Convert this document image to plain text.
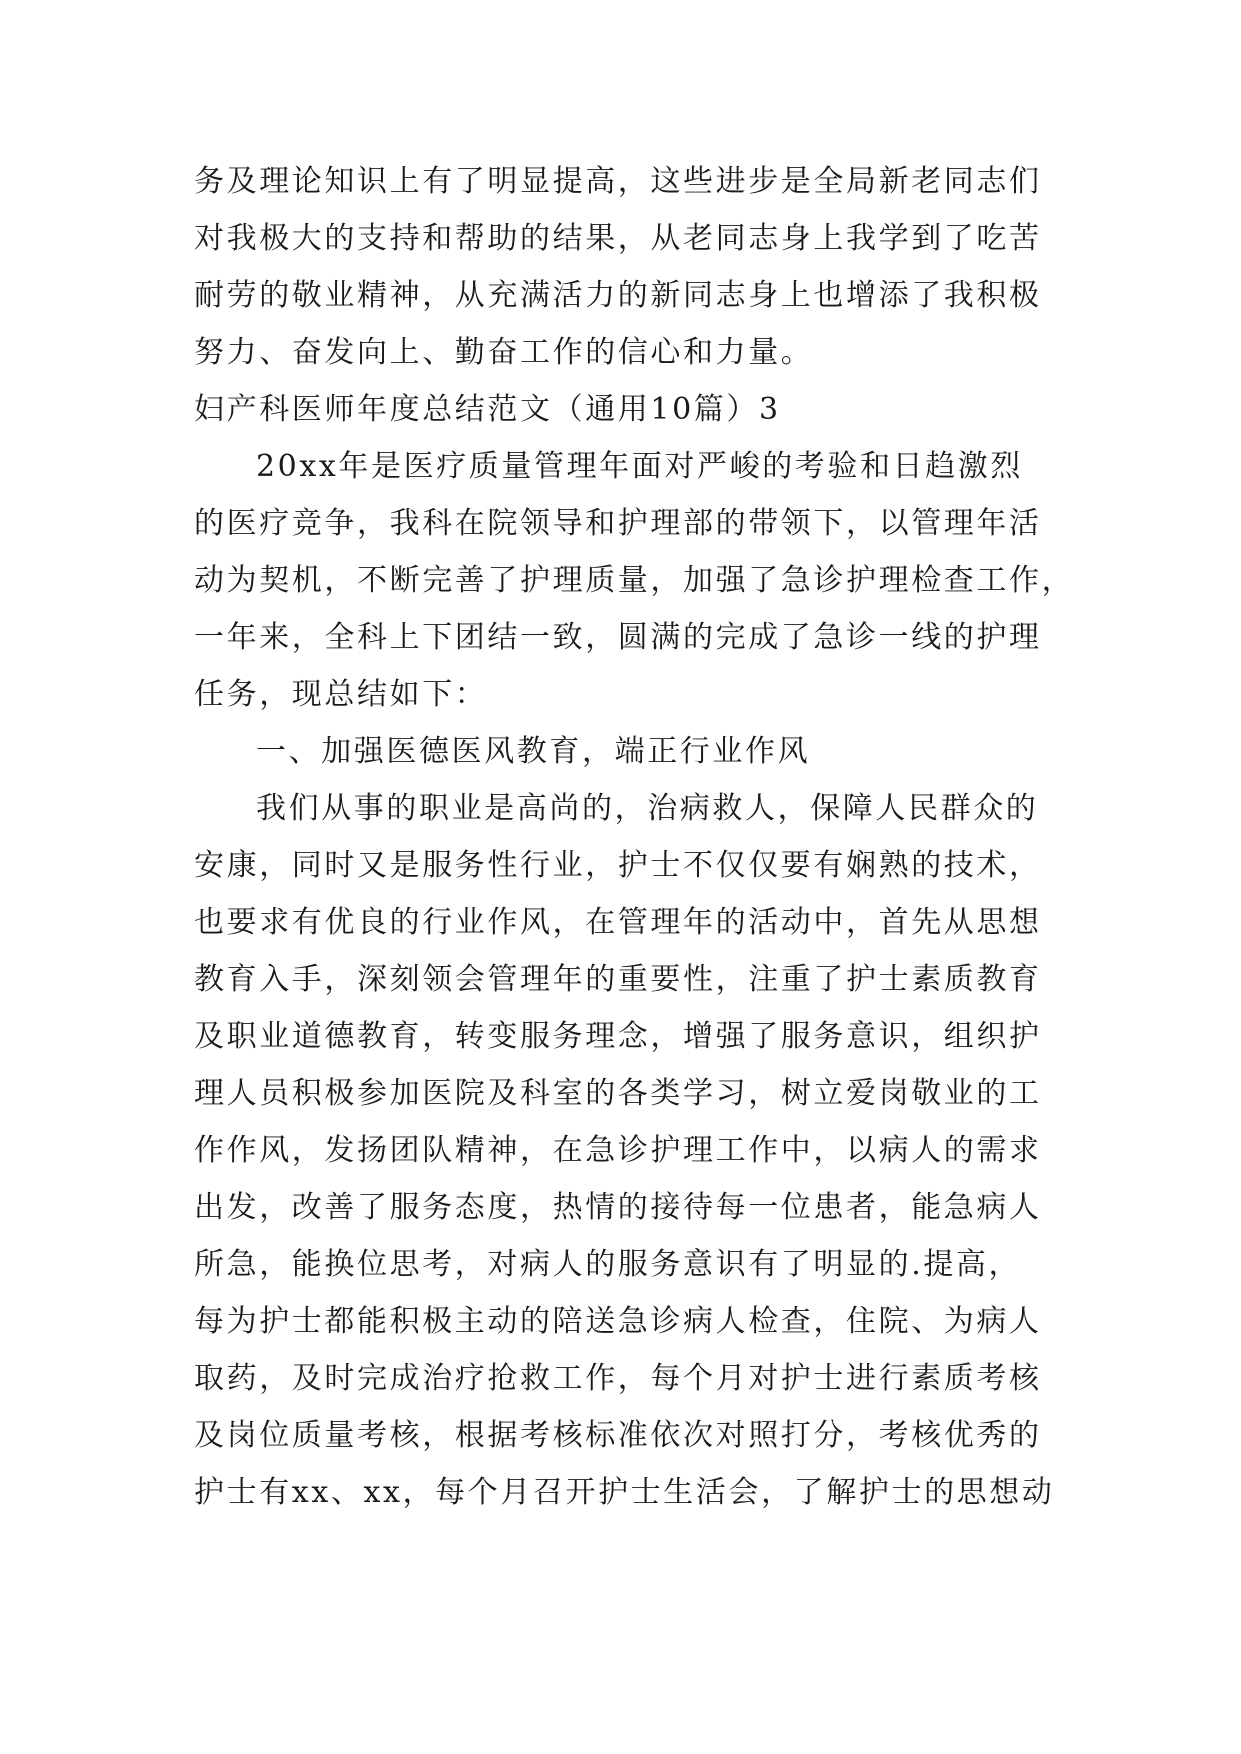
务及理论知识上有了明显提高，这些进步是全局新老同志们
对我极大的支持和帮助的结果，从老同志身上我学到了吃苦
耐劳的敬业精神，从充满活力的新同志身上也增添了我积极
努力、奋发向上、勤奋工作的信心和力量。
妇产科医师年度总结范文（通用10篇）3
20xx年是医疗质量管理年面对严峻的考验和日趋激烈
的医疗竞争，我科在院领导和护理部的带领下，以管理年活
动为契机，不断完善了护理质量，加强了急诊护理检查工作，
一年来，全科上下团结一致，圆满的完成了急诊一线的护理
任务，现总结如下：
一、加强医德医风教育，端正行业作风
我们从事的职业是高尚的，治病救人，保障人民群众的
安康，同时又是服务性行业，护士不仅仅要有娴熟的技术，
也要求有优良的行业作风，在管理年的活动中，首先从思想
教育入手，深刻领会管理年的重要性，注重了护士素质教育
及职业道德教育，转变服务理念，增强了服务意识，组织护
理人员积极参加医院及科室的各类学习，树立爱岗敬业的工
作作风，发扬团队精神，在急诊护理工作中，以病人的需求
出发，改善了服务态度，热情的接待每一位患者，能急病人
所急，能换位思考，对病人的服务意识有了明显的.提高，
每为护士都能积极主动的陪送急诊病人检查，住院、为病人
取药，及时完成治疗抢救工作，每个月对护士进行素质考核
及岗位质量考核，根据考核标准依次对照打分，考核优秀的
护士有xx、xx，每个月召开护士生活会，了解护士的思想动
